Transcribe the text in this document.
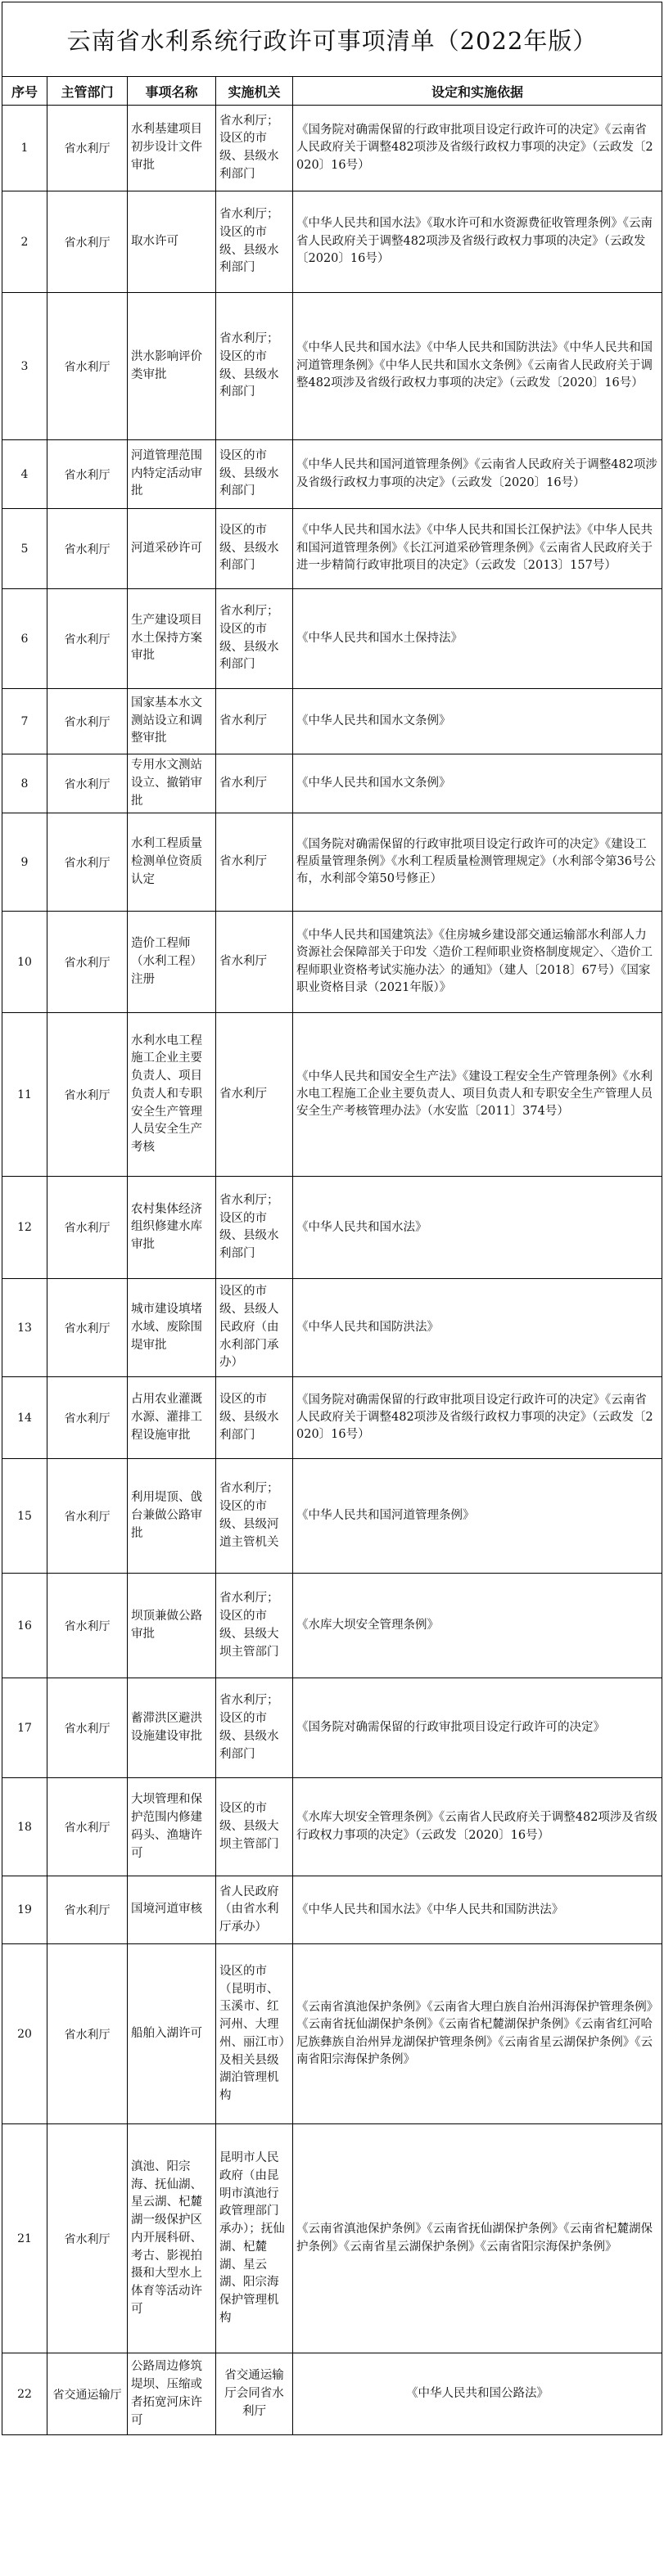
云南省水利系统行政许可事项清单（2022年版）				
序号	主管部门	事项名称	实施机关	设定和实施依据
1	省水利厅	水利基建项目初步设计文件审批	省水利厅；设区的市级、县级水利部门	《国务院对确需保留的行政审批项目设定行政许可的决定》《云南省人民政府关于调整482项涉及省级行政权力事项的决定》（云政发〔2020〕16号）
2	省水利厅	取水许可	省水利厅；设区的市级、县级水利部门	《中华人民共和国水法》《取水许可和水资源费征收管理条例》《云南省人民政府关于调整482项涉及省级行政权力事项的决定》（云政发〔2020〕16号）
3	省水利厅	洪水影响评价类审批	省水利厅；设区的市级、县级水利部门	《中华人民共和国水法》《中华人民共和国防洪法》《中华人民共和国河道管理条例》《中华人民共和国水文条例》《云南省人民政府关于调整482项涉及省级行政权力事项的决定》（云政发〔2020〕16号）
4	省水利厅	河道管理范围内特定活动审批	设区的市级、县级水利部门	《中华人民共和国河道管理条例》《云南省人民政府关于调整482项涉及省级行政权力事项的决定》（云政发〔2020〕16号）
5	省水利厅	河道采砂许可	设区的市级、县级水利部门	《中华人民共和国水法》《中华人民共和国长江保护法》《中华人民共和国河道管理条例》《长江河道采砂管理条例》《云南省人民政府关于进一步精简行政审批项目的决定》（云政发〔2013〕157号）
6	省水利厅	生产建设项目水土保持方案审批	省水利厅；设区的市级、县级水利部门	《中华人民共和国水土保持法》
7	省水利厅	国家基本水文测站设立和调整审批	省水利厅	《中华人民共和国水文条例》
8	省水利厅	专用水文测站设立、撤销审批	省水利厅	《中华人民共和国水文条例》
9	省水利厅	水利工程质量检测单位资质认定	省水利厅	《国务院对确需保留的行政审批项目设定行政许可的决定》《建设工程质量管理条例》《水利工程质量检测管理规定》（水利部令第36号公布，水利部令第50号修正）
10	省水利厅	造价工程师（水利工程）注册	省水利厅	《中华人民共和国建筑法》《住房城乡建设部交通运输部水利部人力资源社会保障部关于印发〈造价工程师职业资格制度规定〉、〈造价工程师职业资格考试实施办法〉的通知》（建人〔2018〕67号）《国家职业资格目录（2021年版）》
11	省水利厅	水利水电工程施工企业主要负责人、项目负责人和专职安全生产管理人员安全生产考核	省水利厅	《中华人民共和国安全生产法》《建设工程安全生产管理条例》《水利水电工程施工企业主要负责人、项目负责人和专职安全生产管理人员安全生产考核管理办法》（水安监〔2011〕374号）
12	省水利厅	农村集体经济组织修建水库审批	省水利厅；设区的市级、县级水利部门	《中华人民共和国水法》
13	省水利厅	城市建设填堵水域、废除围堤审批	设区的市级、县级人民政府（由水利部门承办）	《中华人民共和国防洪法》
14	省水利厅	占用农业灌溉水源、灌排工程设施审批	设区的市级、县级水利部门	《国务院对确需保留的行政审批项目设定行政许可的决定》《云南省人民政府关于调整482项涉及省级行政权力事项的决定》（云政发〔2020〕16号）
15	省水利厅	利用堤顶、戗台兼做公路审批	省水利厅；设区的市级、县级河道主管机关	《中华人民共和国河道管理条例》
16	省水利厅	坝顶兼做公路审批	省水利厅；设区的市级、县级大坝主管部门	《水库大坝安全管理条例》
17	省水利厅	蓄滞洪区避洪设施建设审批	省水利厅；设区的市级、县级水利部门	《国务院对确需保留的行政审批项目设定行政许可的决定》
18	省水利厅	大坝管理和保护范围内修建码头、渔塘许可	设区的市级、县级大坝主管部门	《水库大坝安全管理条例》《云南省人民政府关于调整482项涉及省级行政权力事项的决定》（云政发〔2020〕16号）
19	省水利厅	国境河道审核	省人民政府（由省水利厅承办）	《中华人民共和国水法》《中华人民共和国防洪法》
20	省水利厅	船舶入湖许可	设区的市（昆明市、玉溪市、红河州、大理州、丽江市）及相关县级湖泊管理机构	《云南省滇池保护条例》《云南省大理白族自治州洱海保护管理条例》《云南省抚仙湖保护条例》《云南省杞麓湖保护条例》《云南省红河哈尼族彝族自治州异龙湖保护管理条例》《云南省星云湖保护条例》《云南省阳宗海保护条例》
21	省水利厅	滇池、阳宗海、抚仙湖、星云湖、杞麓湖一级保护区内开展科研、考古、影视拍摄和大型水上体育等活动许可	昆明市人民政府（由昆明市滇池行政管理部门承办）；抚仙湖、杞麓湖、星云湖、阳宗海保护管理机构	《云南省滇池保护条例》《云南省抚仙湖保护条例》《云南省杞麓湖保护条例》《云南省星云湖保护条例》《云南省阳宗海保护条例》
22	省交通运输厅	公路周边修筑堤坝、压缩或者拓宽河床许可	省交通运输厅会同省水利厅	《中华人民共和国公路法》
